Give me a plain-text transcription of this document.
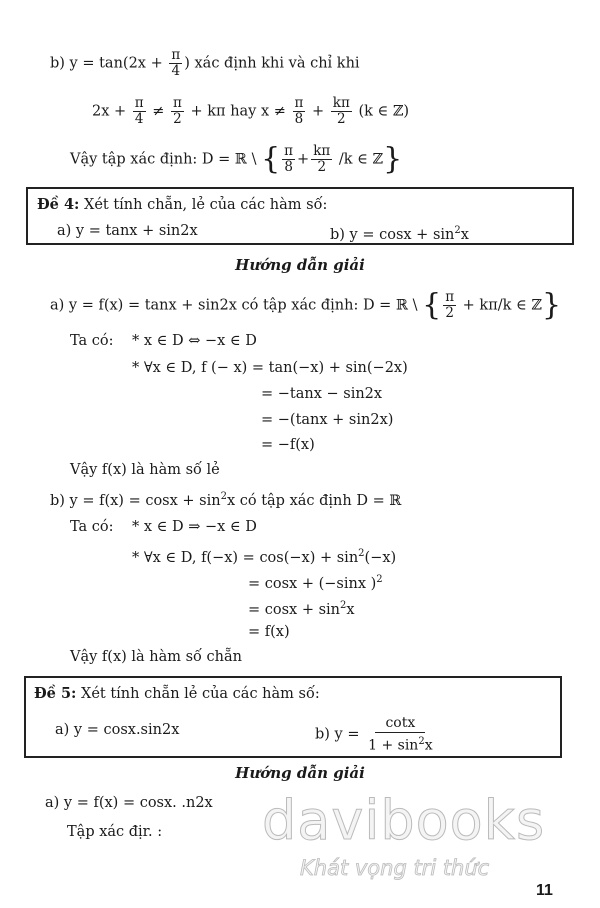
b) $y = \tan(2x + \frac{\pi}{4}$ ) xác định khi và chỉ khi
$2x + \frac{\pi}{4} \ne \frac{\pi}{2} + k\pi$ hay $x \ne \frac{\pi}{8} + \frac{k\pi}{2} (k$ ∈ ℤ)
Vậy tập xác định: D = ℝ \ { $\frac{\pi}{8} + \frac{k\pi}{2} /k$ ∈ ℤ}
Đề 4: Xét tính chẵn, lẻ của các hàm số:
a) y = tanx + sin2x	b) $y = \cos x + \sin^2x$
Hướng dẫn giải
a) y = f(x) = tanx + sin2x có tập xác định: D = ℝ \ { $\frac{\pi}{2} + k\pi/k$ ∈ ℤ}
Ta có: * x ∈ D ⇔ −x ∈ D
* ∀x ∈ D, f (− x) = tan(−x) + sin(−2x)
= −tanx − sin2x
= −(tanx + sin2x)
= −f(x)
Vậy f(x) là hàm số lẻ
b) $y = f(x) = \cos x + \sin^2x$ có tập xác định D = ℝ
Ta có: * x ∈ D ⇒ −x ∈ D
* ∀x ∈ D, $f(-x) = \cos(-x) + \sin^2(-x)$
= cosx + (−sinx )$^2$
= $\cos x + \sin^2x$
= f(x)
Vậy f(x) là hàm số chẵn
Đề 5: Xét tính chẵn lẻ của các hàm số:
a) y = cosx.sin2x	b) $y = \frac{\cot x}{1 + \sin^2x}$
Hướng dẫn giải
a) y = f(x) = cosx. .n2x
Tập xác địr. : davibooks
Khát vọng tri thức
11
